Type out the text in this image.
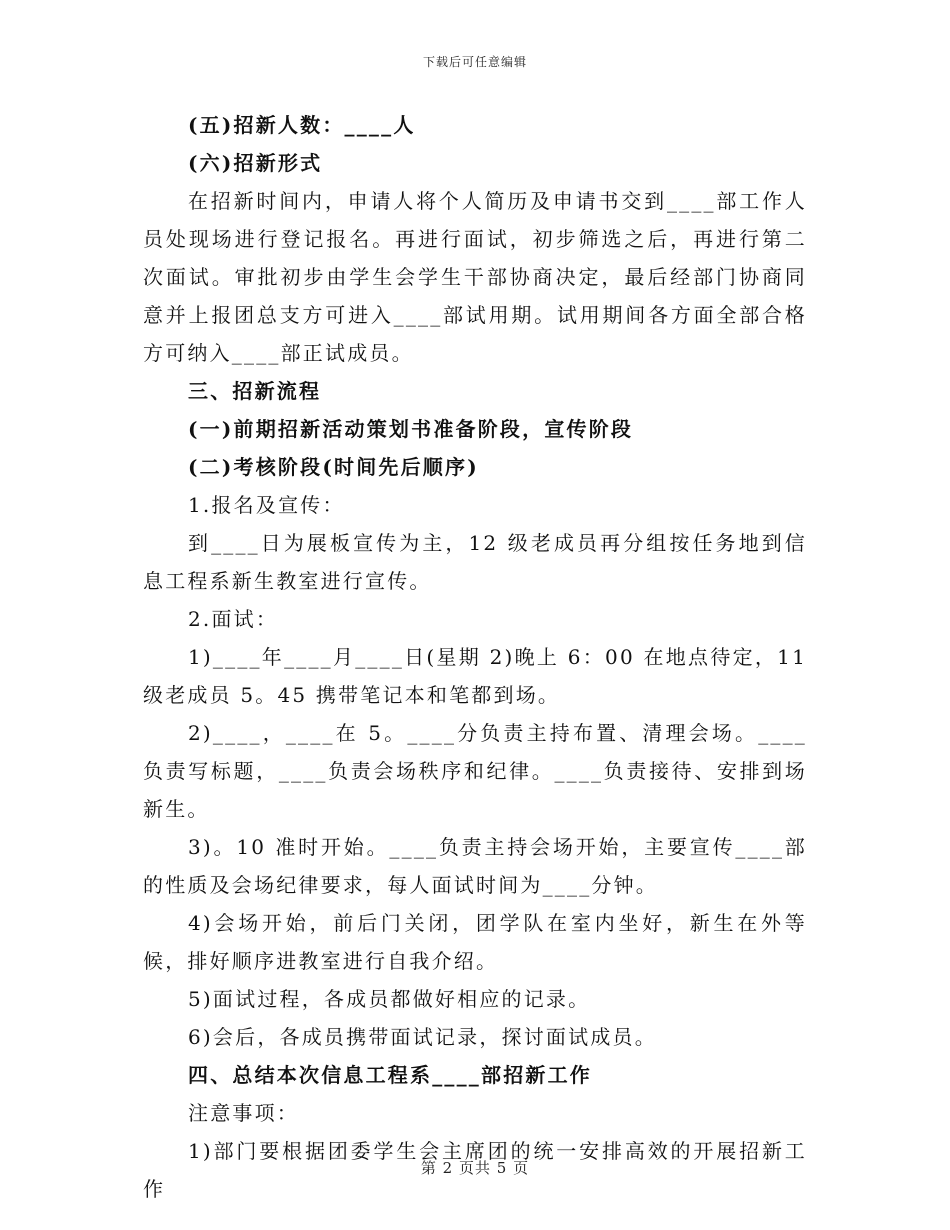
下载后可任意编辑

(五)招新人数：____人

(六)招新形式

在招新时间内，申请人将个人简历及申请书交到____部工作人员处现场进行登记报名。再进行面试，初步筛选之后，再进行第二次面试。审批初步由学生会学生干部协商决定，最后经部门协商同意并上报团总支方可进入____部试用期。试用期间各方面全部合格方可纳入____部正试成员。

三、招新流程

(一)前期招新活动策划书准备阶段，宣传阶段

(二)考核阶段(时间先后顺序)

1.报名及宣传：

到____日为展板宣传为主，12 级老成员再分组按任务地到信息工程系新生教室进行宣传。

2.面试：

1)____年____月____日(星期 2)晚上 6：00 在地点待定，11 级老成员 5。45 携带笔记本和笔都到场。

2)____，____在 5。____分负责主持布置、清理会场。____负责写标题，____负责会场秩序和纪律。____负责接待、安排到场新生。

3)。10 准时开始。____负责主持会场开始，主要宣传____部的性质及会场纪律要求，每人面试时间为____分钟。

4)会场开始，前后门关闭，团学队在室内坐好，新生在外等候，排好顺序进教室进行自我介绍。

5)面试过程，各成员都做好相应的记录。

6)会后，各成员携带面试记录，探讨面试成员。

四、总结本次信息工程系____部招新工作

注意事项：

1)部门要根据团委学生会主席团的统一安排高效的开展招新工作

第 2 页共 5 页
